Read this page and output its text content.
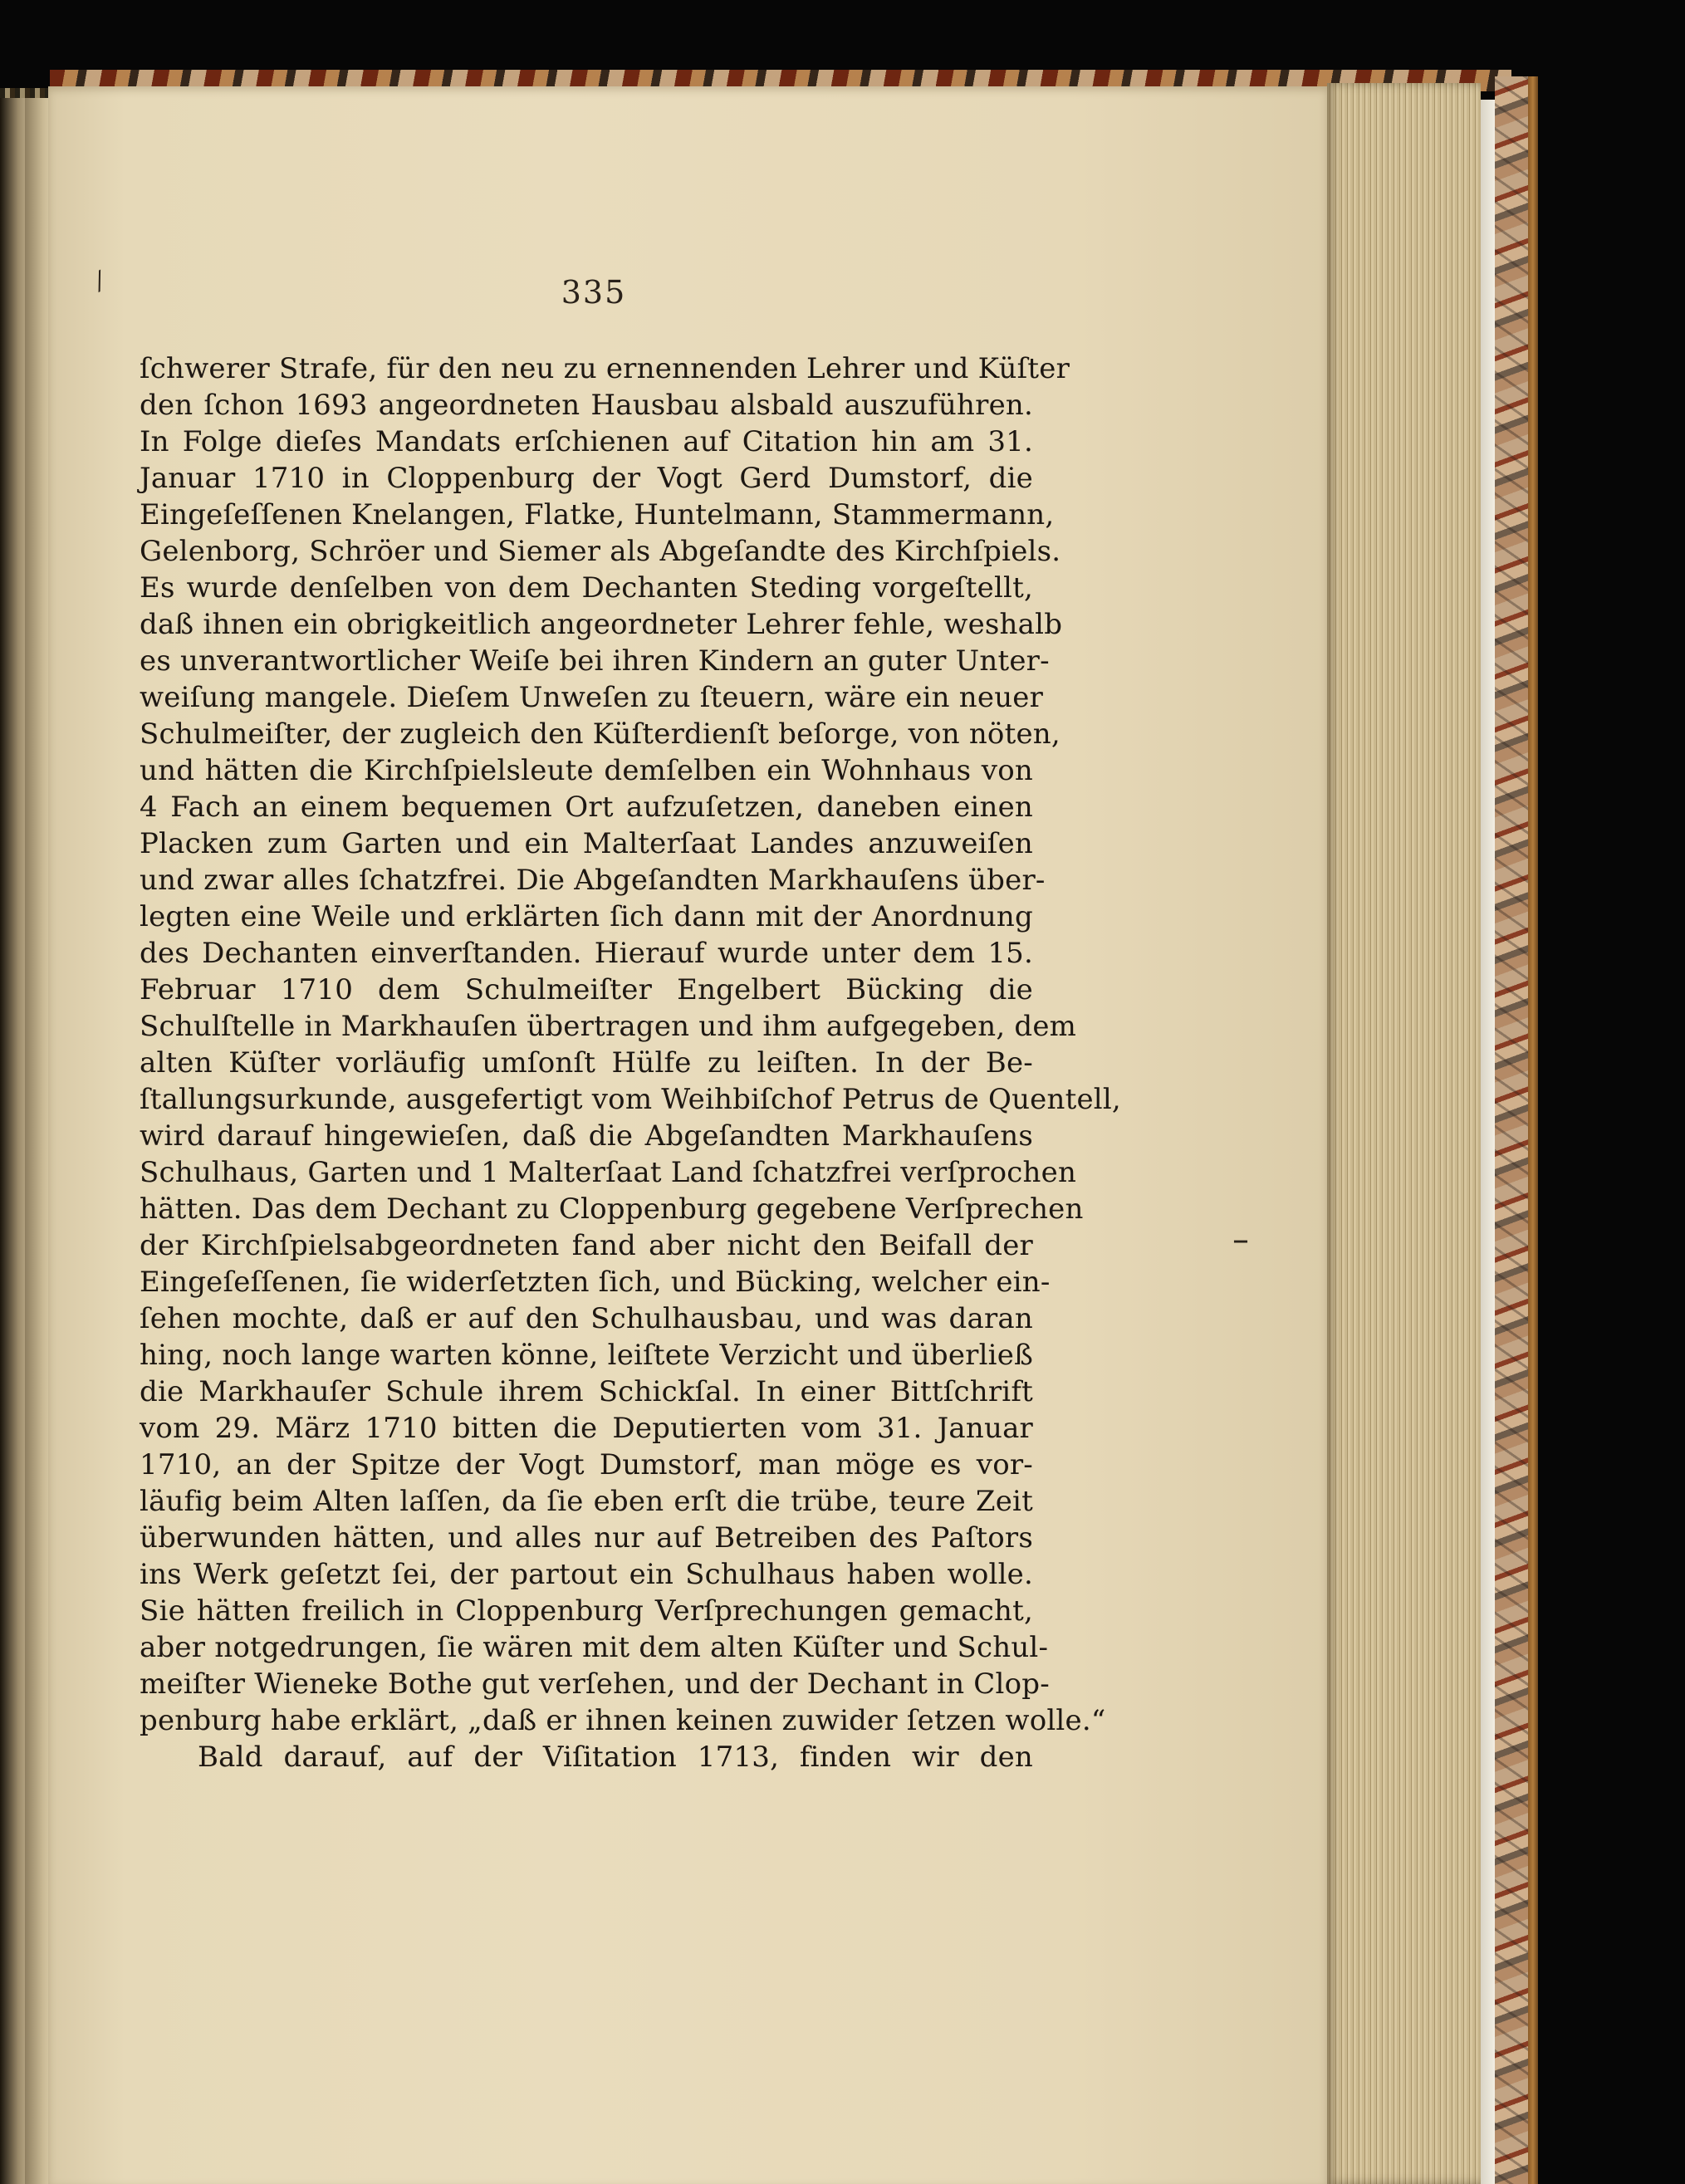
335
⁄
–
ſchwerer Strafe, für den neu zu ernennenden Lehrer und Küſter
den ſchon 1693 angeordneten Hausbau alsbald auszuführen.
In Folge dieſes Mandats erſchienen auf Citation hin am 31.
Januar 1710 in Cloppenburg der Vogt Gerd Dumstorf, die
Eingeſeſſenen Knelangen, Flatke, Huntelmann, Stammermann,
Gelenborg, Schröer und Siemer als Abgeſandte des Kirchſpiels.
Es wurde denſelben von dem Dechanten Steding vorgeſtellt,
daß ihnen ein obrigkeitlich angeordneter Lehrer fehle, weshalb
es unverantwortlicher Weiſe bei ihren Kindern an guter Unter-
weiſung mangele. Dieſem Unweſen zu ſteuern, wäre ein neuer
Schulmeiſter, der zugleich den Küſterdienſt beſorge, von nöten,
und hätten die Kirchſpielsleute demſelben ein Wohnhaus von
4 Fach an einem bequemen Ort aufzuſetzen, daneben einen
Placken zum Garten und ein Malterſaat Landes anzuweiſen
und zwar alles ſchatzfrei. Die Abgeſandten Markhauſens über-
legten eine Weile und erklärten ſich dann mit der Anordnung
des Dechanten einverſtanden. Hierauf wurde unter dem 15.
Februar 1710 dem Schulmeiſter Engelbert Bücking die
Schulſtelle in Markhauſen übertragen und ihm aufgegeben, dem
alten Küſter vorläufig umſonſt Hülfe zu leiſten. In der Be-
ſtallungsurkunde, ausgefertigt vom Weihbiſchof Petrus de Quentell,
wird darauf hingewieſen, daß die Abgeſandten Markhauſens
Schulhaus, Garten und 1 Malterſaat Land ſchatzfrei verſprochen
hätten. Das dem Dechant zu Cloppenburg gegebene Verſprechen
der Kirchſpielsabgeordneten fand aber nicht den Beifall der
Eingeſeſſenen, ſie widerſetzten ſich, und Bücking, welcher ein-
ſehen mochte, daß er auf den Schulhausbau, und was daran
hing, noch lange warten könne, leiſtete Verzicht und überließ
die Markhauſer Schule ihrem Schickſal. In einer Bittſchrift
vom 29. März 1710 bitten die Deputierten vom 31. Januar
1710, an der Spitze der Vogt Dumstorf, man möge es vor-
läufig beim Alten laſſen, da ſie eben erſt die trübe, teure Zeit
überwunden hätten, und alles nur auf Betreiben des Paſtors
ins Werk geſetzt ſei, der partout ein Schulhaus haben wolle.
Sie hätten freilich in Cloppenburg Verſprechungen gemacht,
aber notgedrungen, ſie wären mit dem alten Küſter und Schul-
meiſter Wieneke Bothe gut verſehen, und der Dechant in Clop-
penburg habe erklärt, „daß er ihnen keinen zuwider ſetzen wolle.“
Bald darauf, auf der Viſitation 1713, finden wir den
